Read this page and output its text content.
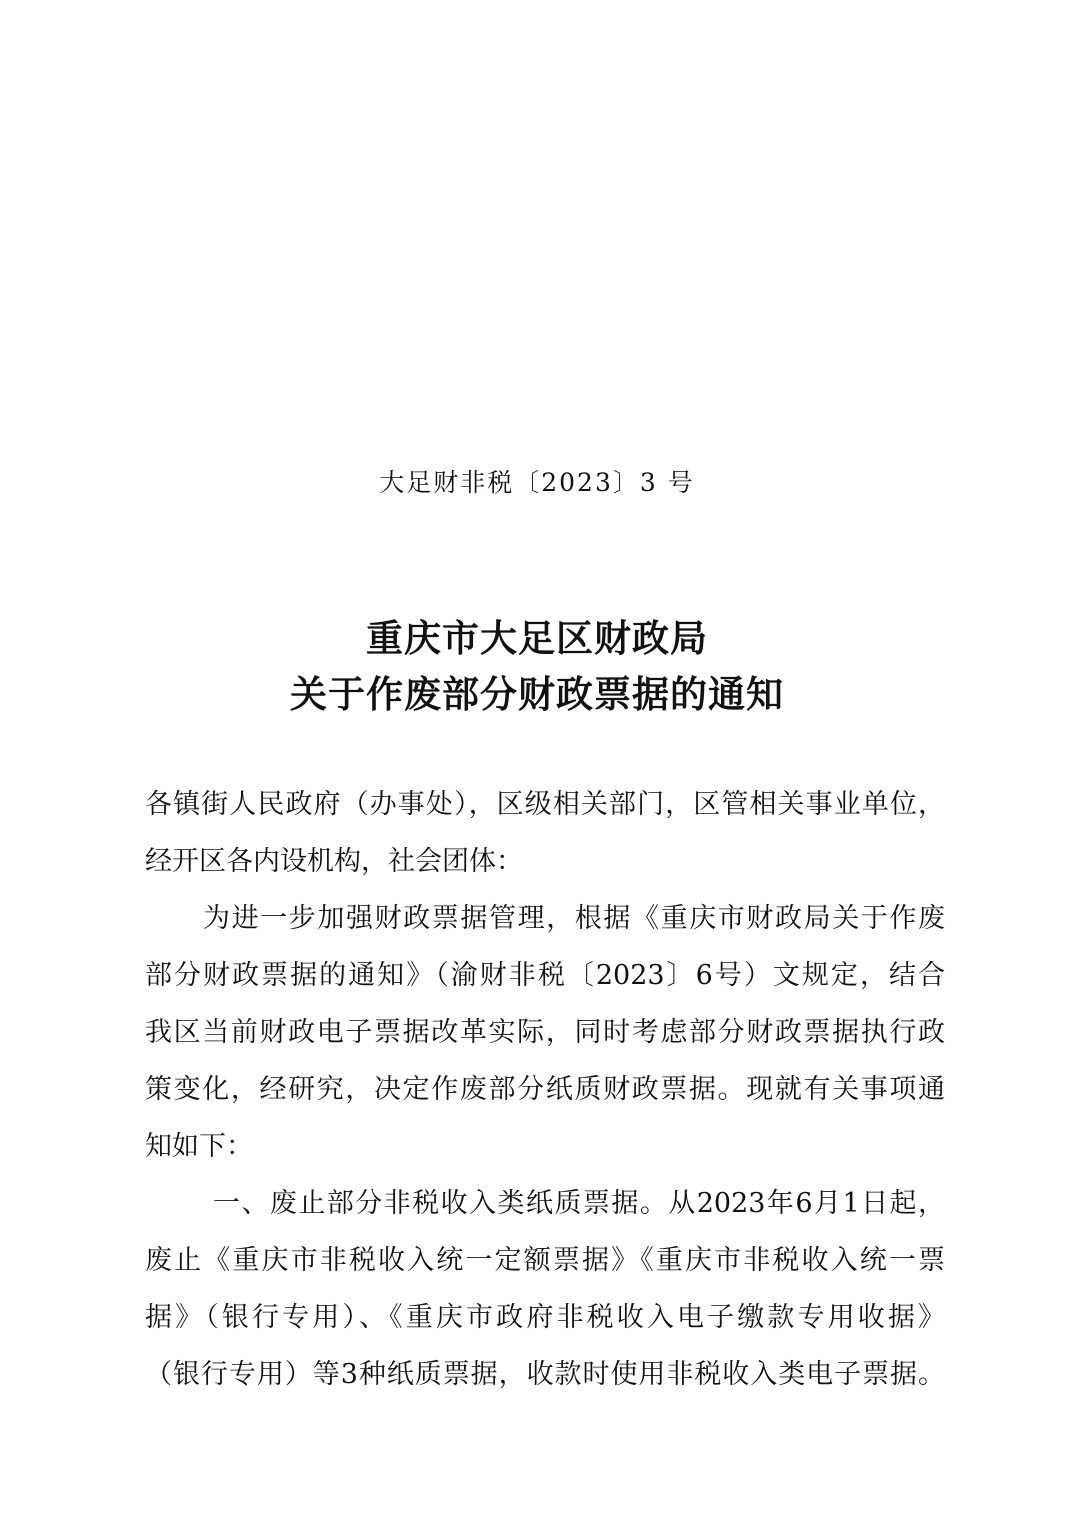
大足财非税〔2023〕3 号
重庆市大足区财政局
关于作废部分财政票据的通知
各镇街人民政府（办事处），区级相关部门，区管相关事业单位，
经开区各内设机构，社会团体：
为进一步加强财政票据管理，根据《重庆市财政局关于作废
部分财政票据的通知》（渝财非税〔2023〕6号）文规定，结合
我区当前财政电子票据改革实际，同时考虑部分财政票据执行政
策变化，经研究，决定作废部分纸质财政票据。现就有关事项通
知如下：
一、废止部分非税收入类纸质票据。从2023年6月1日起，
废止《重庆市非税收入统一定额票据》《重庆市非税收入统一票
据》（银行专用）、《重庆市政府非税收入电子缴款专用收据》
（银行专用）等3种纸质票据，收款时使用非税收入类电子票据。
